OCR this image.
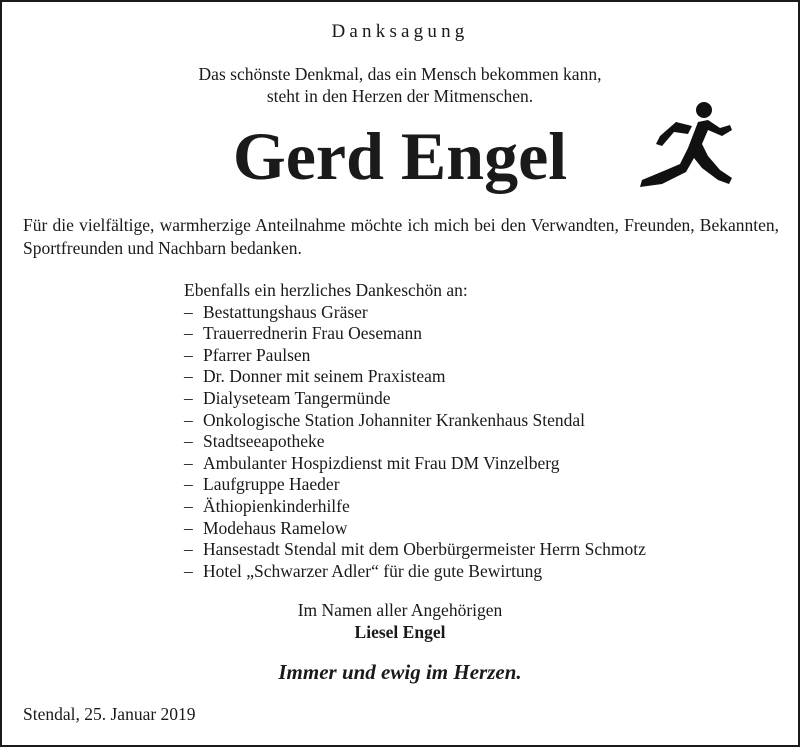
Danksagung
Das schönste Denkmal, das ein Mensch bekommen kann,
steht in den Herzen der Mitmenschen.
Gerd Engel
Für die vielfältige, warmherzige Anteilnahme möchte ich mich bei den Verwandten, Freunden, Bekannten, Sportfreunden und Nachbarn bedanken.

Ebenfalls ein herzliches Dankeschön an:

– Bestattungshaus Gräser
– Trauerrednerin Frau Oesemann
– Pfarrer Paulsen
– Dr. Donner mit seinem Praxisteam
– Dialyseteam Tangermünde
– Onkologische Station Johanniter Krankenhaus Stendal
– Stadtseeapotheke
– Ambulanter Hospizdienst mit Frau DM Vinzelberg
– Laufgruppe Haeder
– Äthiopienkinderhilfe
– Modehaus Ramelow
– Hansestadt Stendal mit dem Oberbürgermeister Herrn Schmotz
– Hotel „Schwarzer Adler“ für die gute Bewirtung
Im Namen aller Angehörigen
Liesel Engel
Immer und ewig im Herzen.
Stendal, 25. Januar 2019
